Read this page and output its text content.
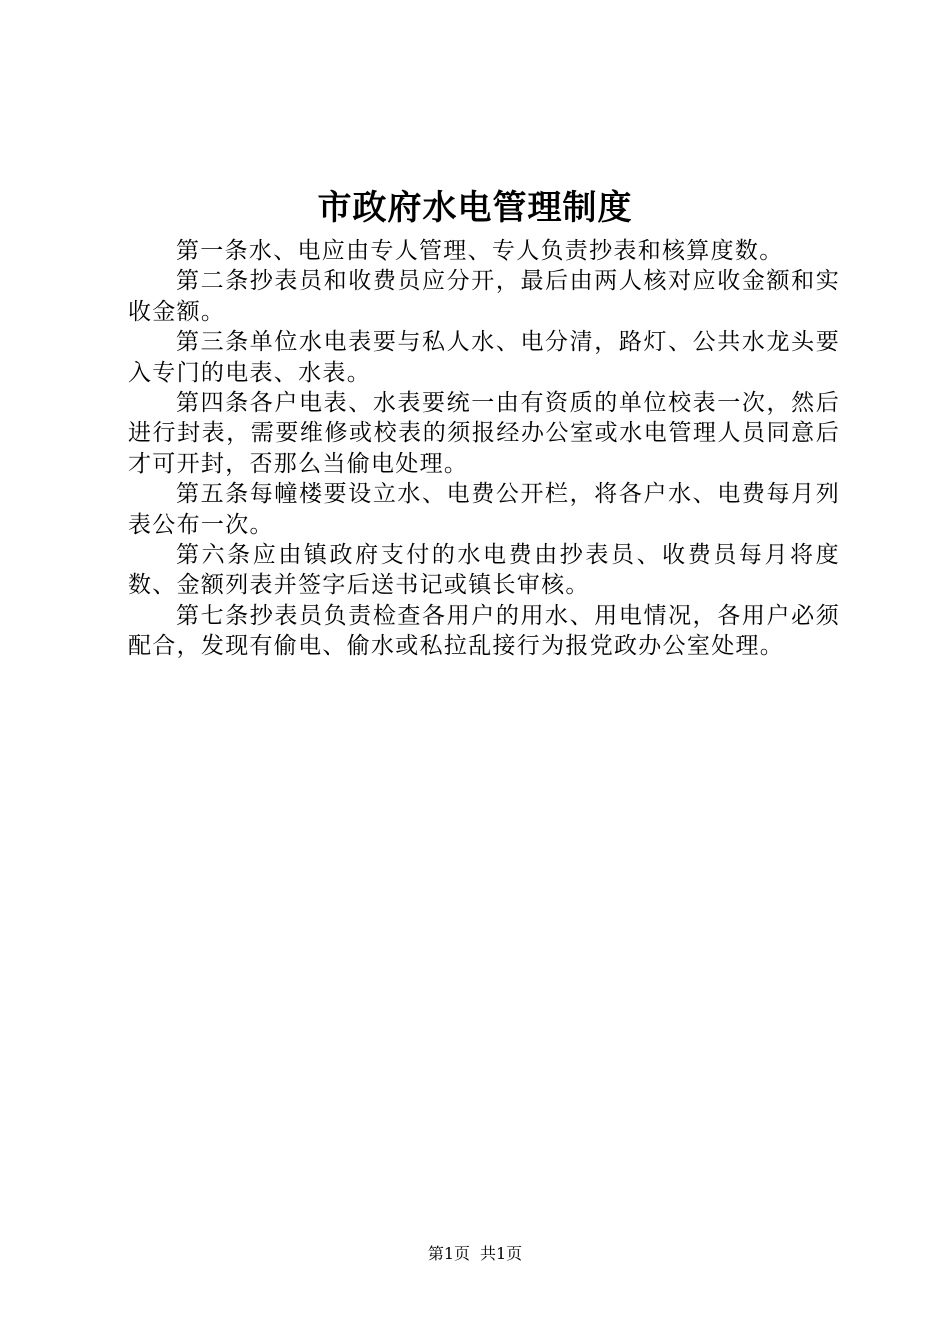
市政府水电管理制度

第一条水、电应由专人管理、专人负责抄表和核算度数。

第二条抄表员和收费员应分开，最后由两人核对应收金额和实收金额。

第三条单位水电表要与私人水、电分清，路灯、公共水龙头要入专门的电表、水表。

第四条各户电表、水表要统一由有资质的单位校表一次，然后进行封表，需要维修或校表的须报经办公室或水电管理人员同意后才可开封，否那么当偷电处理。

第五条每幢楼要设立水、电费公开栏，将各户水、电费每月列表公布一次。

第六条应由镇政府支付的水电费由抄表员、收费员每月将度数、金额列表并签字后送书记或镇长审核。

第七条抄表员负责检查各用户的用水、用电情况，各用户必须配合，发现有偷电、偷水或私拉乱接行为报党政办公室处理。

第1页 共1页
